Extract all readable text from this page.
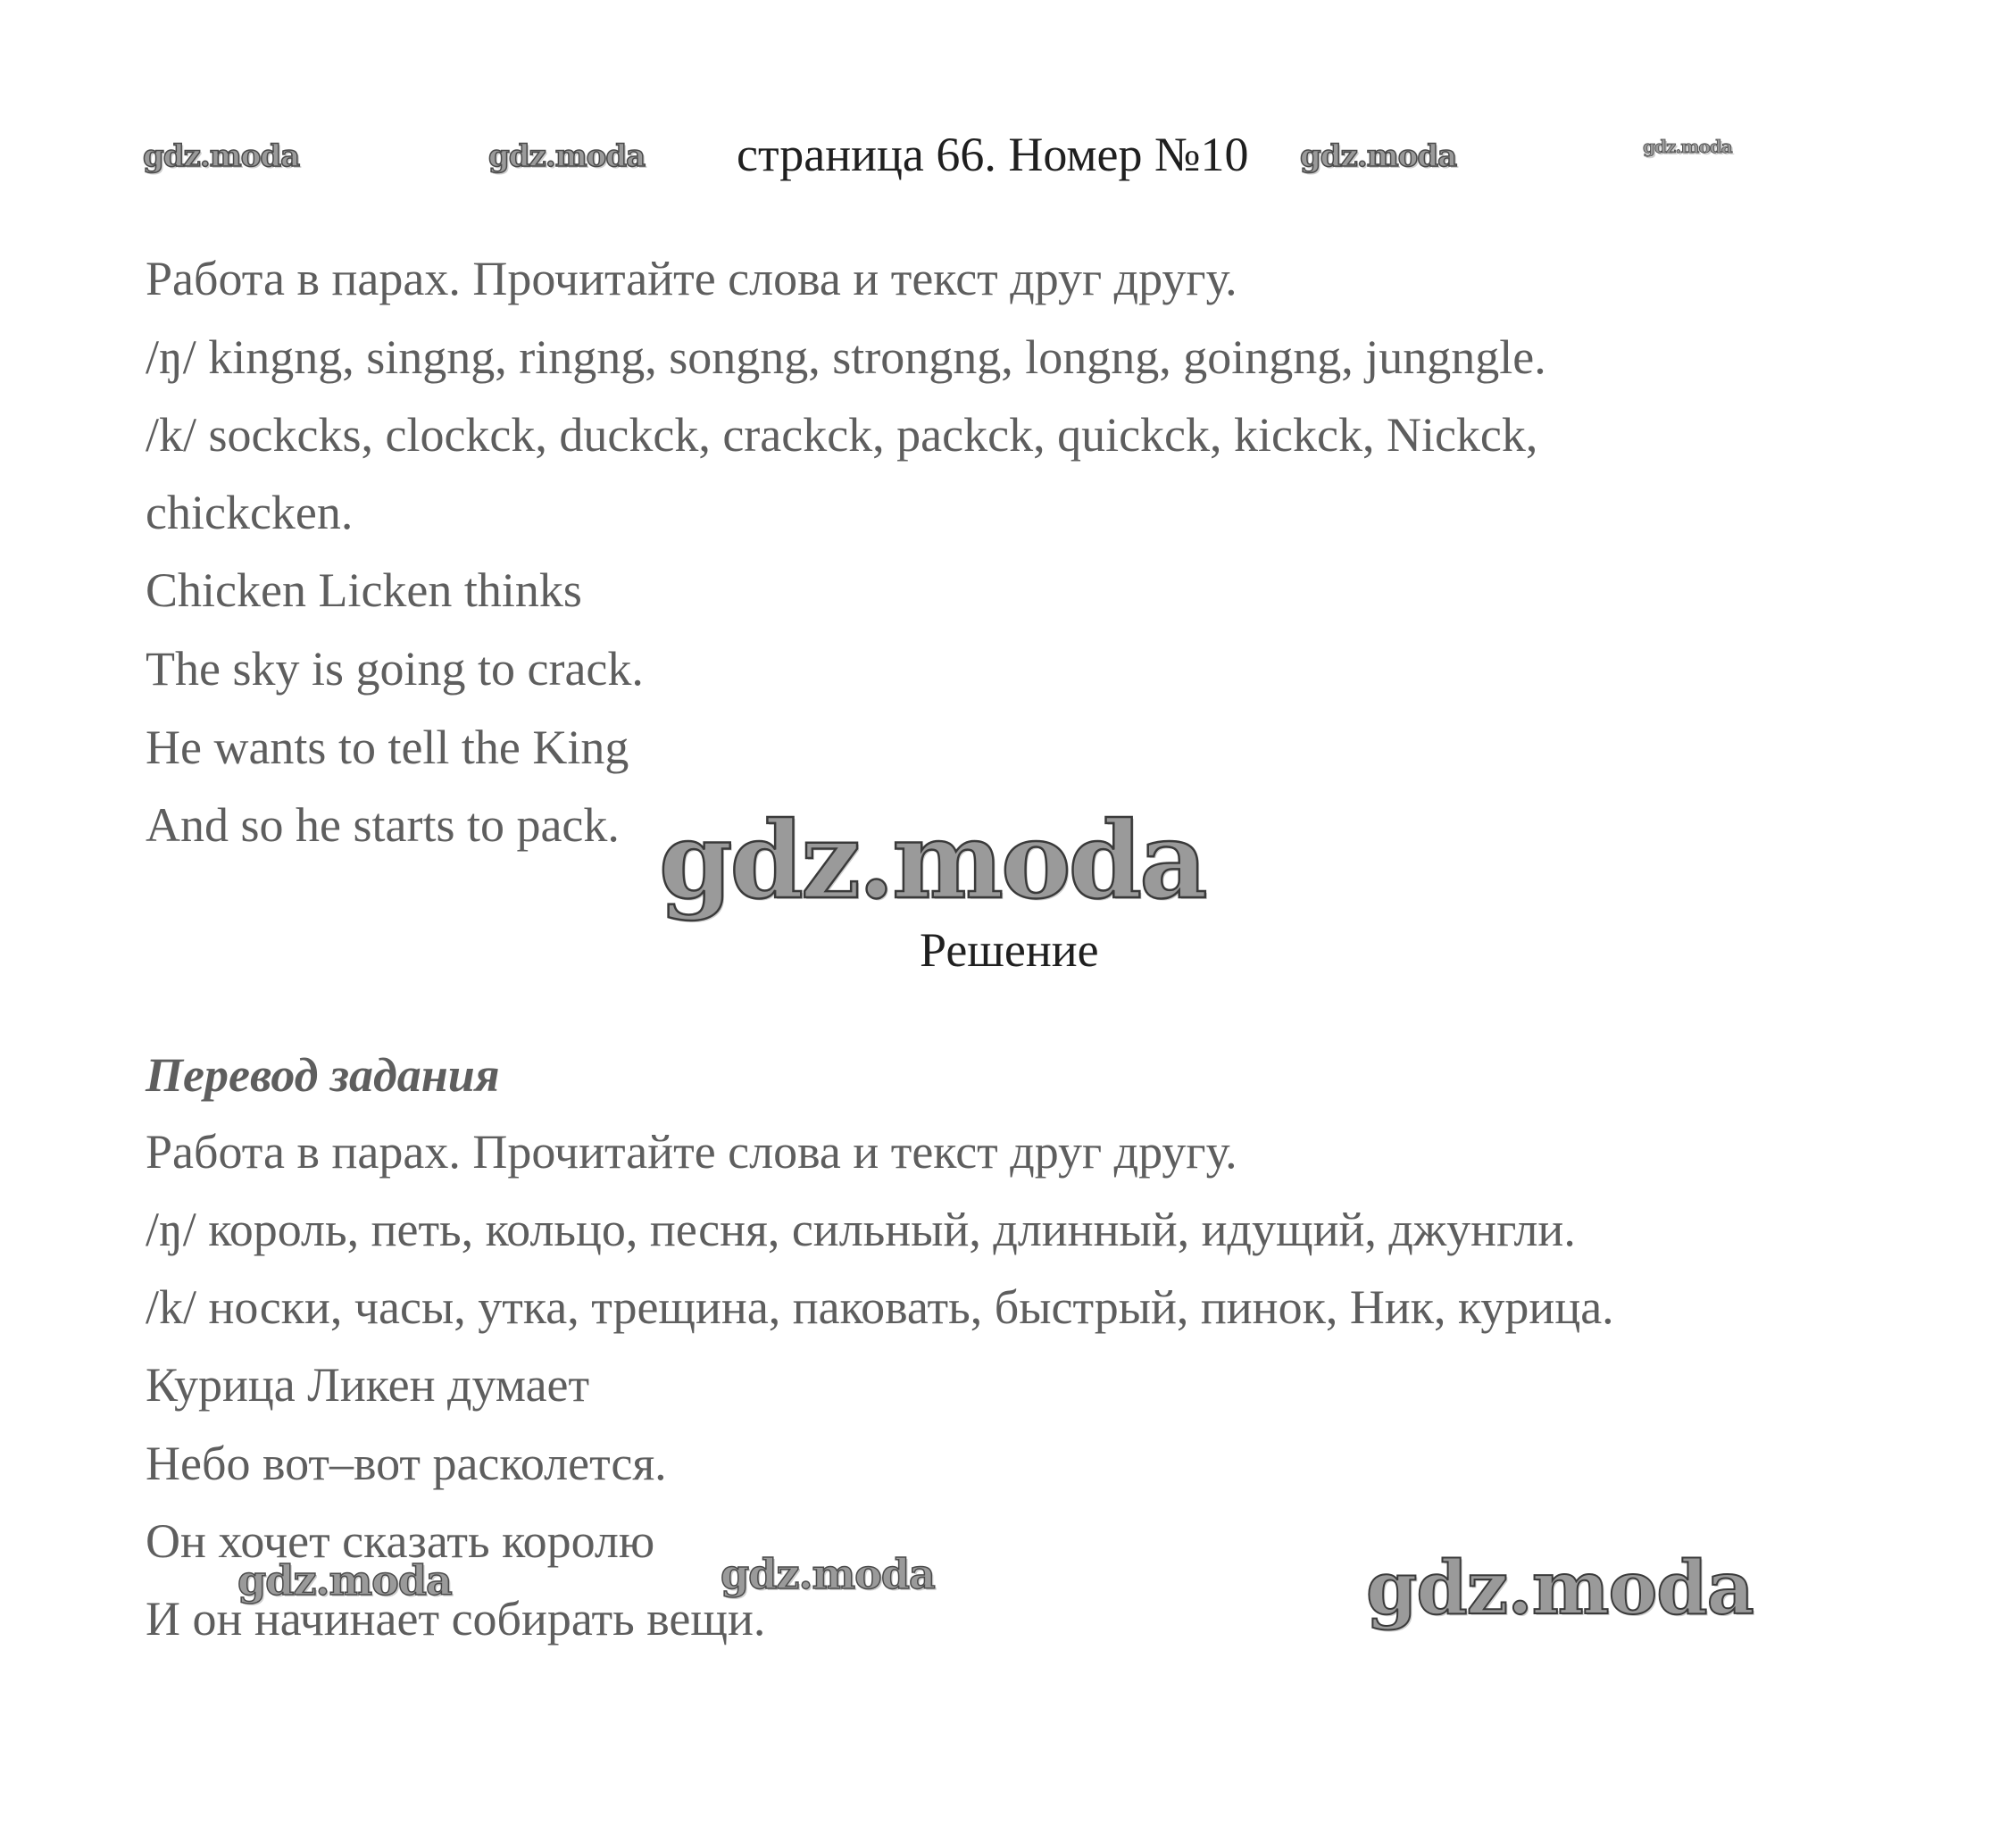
gdz.moda	gdz.moda	gdz.moda	gdz.moda
страница 66. Номер №10
Работа в парах. Прочитайте слова и текст друг другу.
/ŋ/ kingng, singng, ringng, songng, strongng, longng, goingng, jungngle.
/k/ sockcks, clockck, duckck, crackck, packck, quickck, kickck, Nickck,
chickcken.
Chicken Licken thinks
The sky is going to crack.
He wants to tell the King
And so he starts to pack. gdz.moda
Решение
Перевод задания
Работа в парах. Прочитайте слова и текст друг другу.
/ŋ/ король, петь, кольцо, песня, сильный, длинный, идущий, джунгли.
/k/ носки, часы, утка, трещина, паковать, быстрый, пинок, Ник, курица.
Курица Ликен думает
Небо вот–вот расколется.
Он хочет сказать королю
И он начинает собирать вещи.
gdz.moda	gdz.moda	gdz.moda
